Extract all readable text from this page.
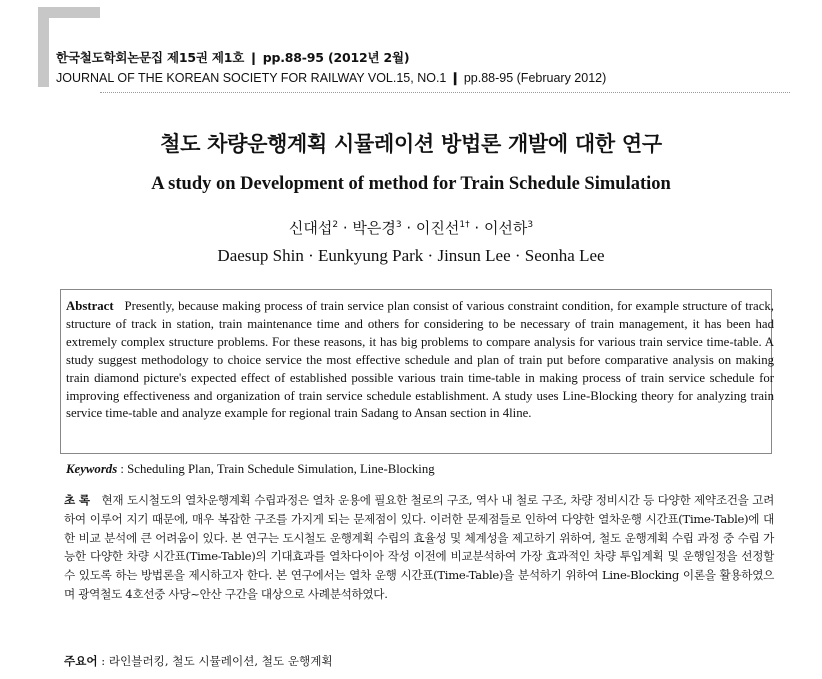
한국철도학회논문집 제15권 제1호 ❙ pp.88-95 (2012년 2월)
JOURNAL OF THE KOREAN SOCIETY FOR RAILWAY VOL.15, NO.1 ❙ pp.88-95 (February 2012)
철도 차량운행계획 시뮬레이션 방법론 개발에 대한 연구
A study on Development of method for Train Schedule Simulation
신대섭$^2$ · 박은경$^3$ · 이진선$^{1\dagger}$ · 이선하$^3$
Daesup Shin · Eunkyung Park · Jinsun Lee · Seonha Lee
Abstract Presently, because making process of train service plan consist of various constraint condition, for example structure of track, structure of track in station, train maintenance time and others for considering to be necessary of train management, it has been had extremely complex structure problems. For these reasons, it has big problems to compare analysis for various train service time-table. A study suggest methodology to choice service the most effective schedule and plan of train put before comparative analysis on making train diamond picture's expected effect of established possible various train time-table in making process of train service schedule for improving effectiveness and organization of train service schedule establishment. A study uses Line-Blocking theory for analyzing train service time-table and analyze example for regional train Sadang to Ansan section in 4line.
Keywords : Scheduling Plan, Train Schedule Simulation, Line-Blocking
초 록 현재 도시철도의 열차운행계획 수립과정은 열차 운용에 필요한 철로의 구조, 역사 내 철로 구조, 차량 정비시간 등 다양한 제약조건을 고려하여 이루어 지기 때문에, 매우 복잡한 구조를 가지게 되는 문제점이 있다. 이러한 문제점들로 인하여 다양한 열차운행 시간표(Time-Table)에 대한 비교 분석에 큰 어려움이 있다. 본 연구는 도시철도 운행계획 수립의 효율성 및 체계성을 제고하기 위하여, 철도 운행계획 수립 과정 중 수립 가능한 다양한 차량 시간표(Time-Table)의 기대효과를 열차다이아 작성 이전에 비교분석하여 가장 효과적인 차량 투입계획 및 운행일정을 선정할 수 있도록 하는 방법론을 제시하고자 한다. 본 연구에서는 열차 운행 시간표(Time-Table)을 분석하기 위하여 Line-Blocking 이론을 활용하였으며 광역철도 4호선중 사당~안산 구간을 대상으로 사례분석하였다.
주요어 : 라인블러킹, 철도 시뮬레이션, 철도 운행계획
